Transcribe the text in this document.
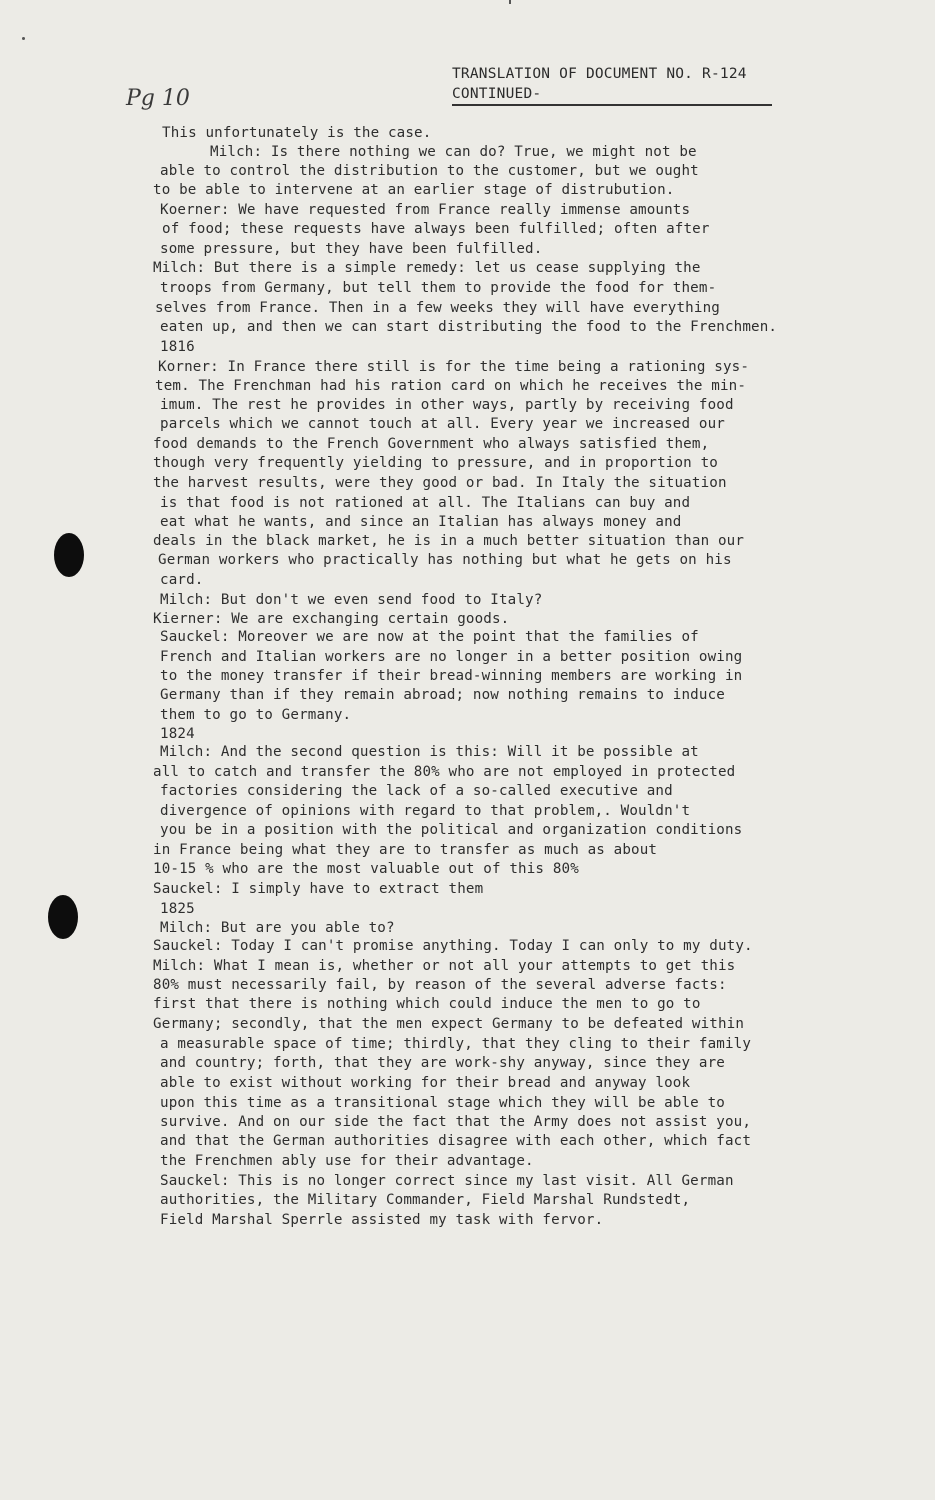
Pg 10
TRANSLATION OF DOCUMENT NO. R-124
CONTINUED-
This unfortunately is the case.
Milch: Is there nothing we can do? True, we might not be
able to control the distribution to the customer, but we ought
to be able to intervene at an earlier stage of distrubution.
Koerner: We have requested from France really immense amounts
of food; these requests have always been fulfilled; often after
some pressure, but they have been fulfilled.
Milch: But there is a simple remedy: let us cease supplying the
troops from Germany, but tell them to provide the food for them-
selves from France. Then in a few weeks they will have everything
eaten up, and then we can start distributing the food to the Frenchmen.
1816
Korner: In France there still is for the time being a rationing sys-
tem. The Frenchman had his ration card on which he receives the min-
imum. The rest he provides in other ways, partly by receiving food
parcels which we cannot touch at all. Every year we increased our
food demands to the French Government who always satisfied them,
though very frequently yielding to pressure, and in proportion to
the harvest results, were they good or bad. In Italy the situation
is that food is not rationed at all. The Italians can buy and
eat what he wants, and since an Italian has always money and
deals in the black market, he is in a much better situation than our
German workers who practically has nothing but what he gets on his
card.
Milch: But don't we even send food to Italy?
Kierner: We are exchanging certain goods.
Sauckel: Moreover we are now at the point that the families of
French and Italian workers are no longer in a better position owing
to the money transfer if their bread-winning members are working in
Germany than if they remain abroad; now nothing remains to induce
them to go to Germany.
1824
Milch: And the second question is this: Will it be possible at
all to catch and transfer the 80% who are not employed in protected
factories considering the lack of a so-called executive and
divergence of opinions with regard to that problem,. Wouldn't
you be in a position with the political and organization conditions
in France being what they are to transfer as much as about
10-15 % who are the most valuable out of this 80%
Sauckel: I simply have to extract them
1825
Milch: But are you able to?
Sauckel: Today I can't promise anything. Today I can only to my duty.
Milch: What I mean is, whether or not all your attempts to get this
80% must necessarily fail, by reason of the several adverse facts:
first that there is nothing which could induce the men to go to
Germany; secondly, that the men expect Germany to be defeated within
a measurable space of time; thirdly, that they cling to their family
and country; forth, that they are work-shy anyway, since they are
able to exist without working for their bread and anyway look
upon this time as a transitional stage which they will be able to
survive. And on our side the fact that the Army does not assist you,
and that the German authorities disagree with each other, which fact
the Frenchmen ably use for their advantage.
Sauckel: This is no longer correct since my last visit. All German
authorities, the Military Commander, Field Marshal Rundstedt,
Field Marshal Sperrle assisted my task with fervor.
